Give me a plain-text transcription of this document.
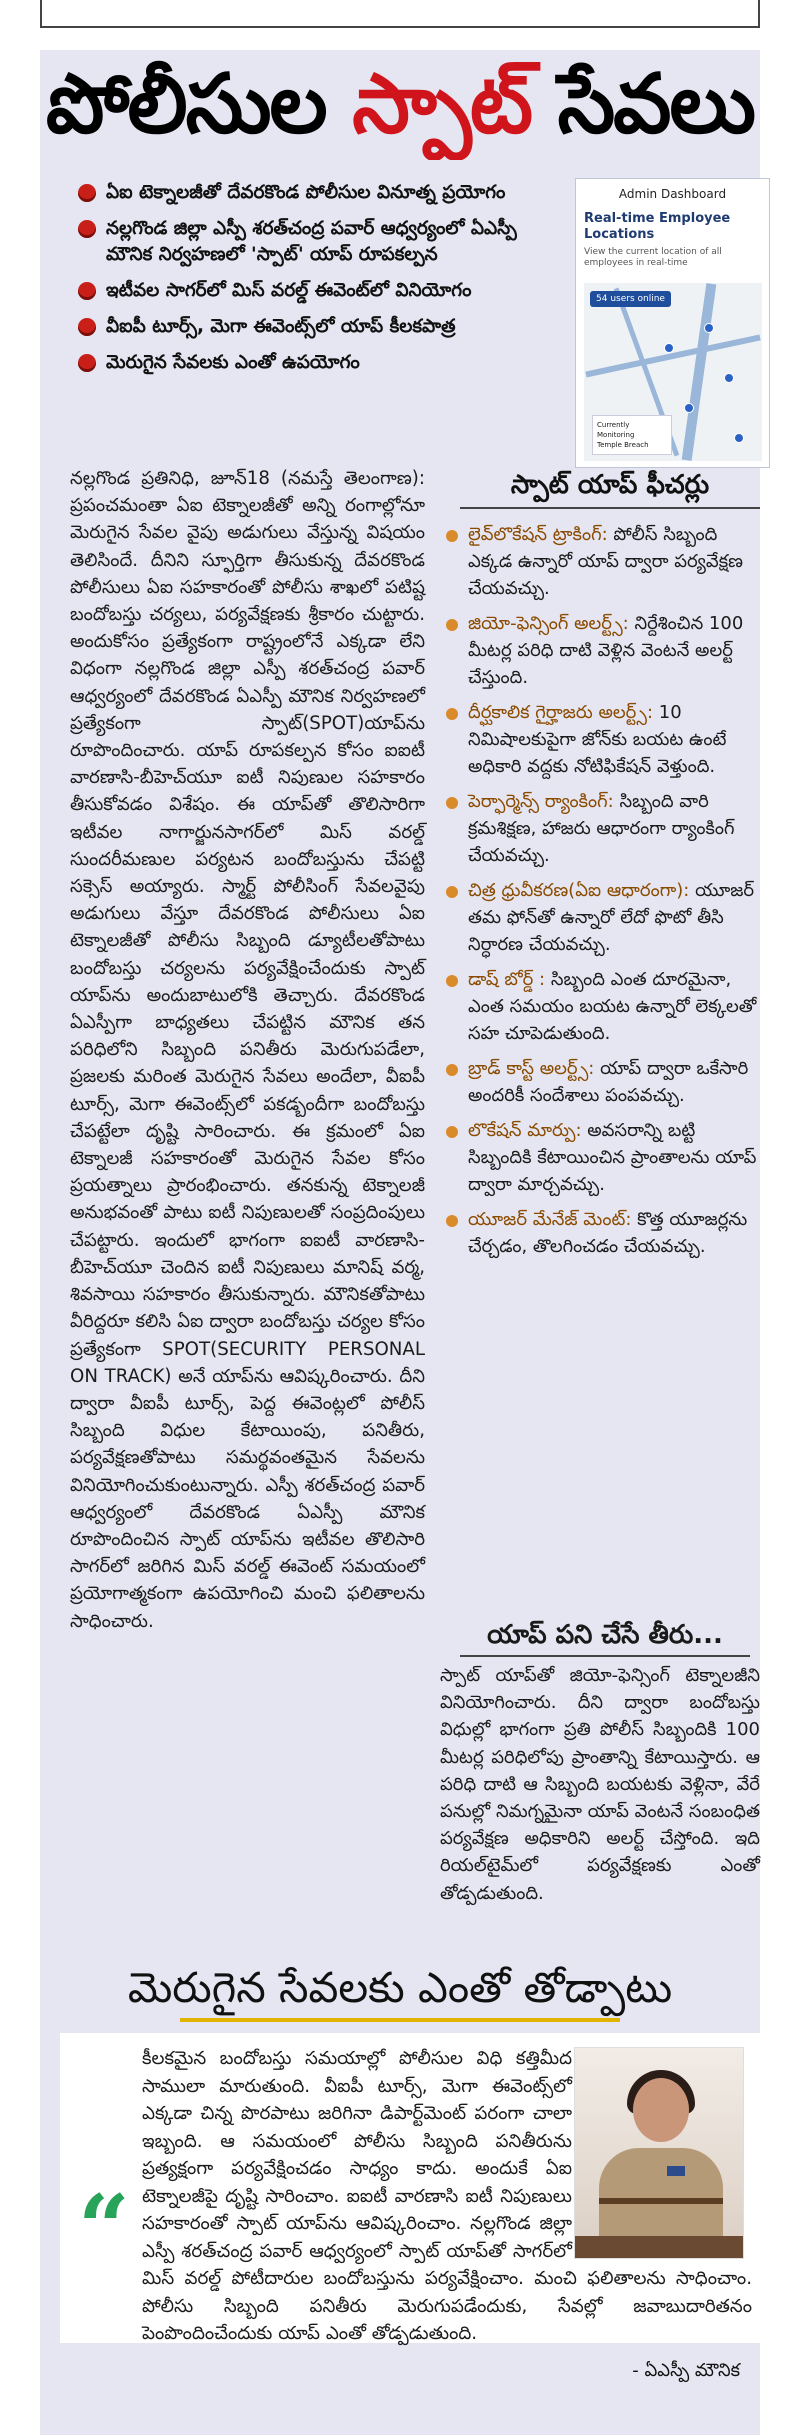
పోలీసుల స్పాట్ సేవలు
ఏఐ టెక్నాలజీతో దేవరకొండ పోలీసుల వినూత్న ప్రయోగం
నల్లగొండ జిల్లా ఎస్పీ శరత్‌చంద్ర పవార్ ఆధ్వర్యంలో ఏఎస్పీ మౌనిక నిర్వహణలో 'స్పాట్' యాప్ రూపకల్పన
ఇటీవల సాగర్‌లో మిస్ వరల్డ్ ఈవెంట్‌లో వినియోగం
వీఐపీ టూర్స్, మెగా ఈవెంట్స్‌లో యాప్ కీలకపాత్ర
మెరుగైన సేవలకు ఎంతో ఉపయోగం
Admin Dashboard
Real-time Employee Locations
View the current location of all employees in real-time
54 users online
Currently Monitoring
Temple Breach

నల్లగొండ ప్రతినిధి, జూన్18 (నమస్తే తెలంగాణ): ప్రపంచమంతా ఏఐ టెక్నాలజీతో అన్ని రంగాల్లోనూ మెరుగైన సేవల వైపు అడుగులు వేస్తున్న విషయం తెలిసిందే. దీనిని స్ఫూర్తిగా తీసుకున్న దేవరకొండ పోలీసులు ఏఐ సహకారంతో పోలీసు శాఖలో పటిష్ట బందోబస్తు చర్యలు, పర్యవేక్షణకు శ్రీకారం చుట్టారు. అందుకోసం ప్రత్యేకంగా రాష్ట్రంలోనే ఎక్కడా లేని విధంగా నల్లగొండ జిల్లా ఎస్పీ శరత్‌చంద్ర పవార్ ఆధ్వర్యంలో దేవరకొండ ఏఎస్పీ మౌనిక నిర్వహణలో ప్రత్యేకంగా స్పాట్(SPOT)యాప్‌ను రూపొందించారు. యాప్ రూపకల్పన కోసం ఐఐటీ వారణాసి-బీహెచ్‌యూ ఐటీ నిపుణుల సహకారం తీసుకోవడం విశేషం. ఈ యాప్‌తో తొలిసారిగా ఇటీవల నాగార్జునసాగర్‌లో మిస్ వరల్డ్ సుందరీమణుల పర్యటన బందోబస్తును చేపట్టి సక్సెస్ అయ్యారు. స్మార్ట్ పోలీసింగ్ సేవలవైపు అడుగులు వేస్తూ దేవరకొండ పోలీసులు ఏఐ టెక్నాలజీతో పోలీసు సిబ్బంది డ్యూటీలతోపాటు బందోబస్తు చర్యలను పర్యవేక్షించేందుకు స్పాట్ యాప్‌ను అందుబాటులోకి తెచ్చారు. దేవరకొండ ఏఎస్పీగా బాధ్యతలు చేపట్టిన మౌనిక తన పరిధిలోని సిబ్బంది పనితీరు మెరుగుపడేలా, ప్రజలకు మరింత మెరుగైన సేవలు అందేలా, వీఐపీ టూర్స్, మెగా ఈవెంట్స్‌లో పకడ్బందీగా బందోబస్తు చేపట్టేలా దృష్టి సారించారు. ఈ క్రమంలో ఏఐ టెక్నాలజీ సహకారంతో మెరుగైన సేవల కోసం ప్రయత్నాలు ప్రారంభించారు. తనకున్న టెక్నాలజీ అనుభవంతో పాటు ఐటీ నిపుణులతో సంప్రదింపులు చేపట్టారు. ఇందులో భాగంగా ఐఐటీ వారణాసి-బీహెచ్‌యూ చెందిన ఐటీ నిపుణులు మానిష్ వర్మ, శివసాయి సహకారం తీసుకున్నారు. మౌనికతోపాటు వీరిద్దరూ కలిసి ఏఐ ద్వారా బందోబస్తు చర్యల కోసం ప్రత్యేకంగా SPOT(SECURITY PERSONAL ON TRACK) అనే యాప్‌ను ఆవిష్కరించారు. దీని ద్వారా వీఐపీ టూర్స్, పెద్ద ఈవెంట్లలో పోలీస్ సిబ్బంది విధుల కేటాయింపు, పనితీరు, పర్యవేక్షణతోపాటు సమర్థవంతమైన సేవలను వినియోగించుకుంటున్నారు. ఎస్పీ శరత్‌చంద్ర పవార్ ఆధ్వర్యంలో దేవరకొండ ఏఎస్పీ మౌనిక రూపొందించిన స్పాట్ యాప్‌ను ఇటీవల తొలిసారి సాగర్‌లో జరిగిన మిస్ వరల్డ్ ఈవెంట్ సమయంలో ప్రయోగాత్మకంగా ఉపయోగించి మంచి ఫలితాలను సాధించారు.

స్పాట్ యాప్ ఫీచర్లు
లైవ్‌లొకేషన్ ట్రాకింగ్: పోలీస్ సిబ్బంది ఎక్కడ ఉన్నారో యాప్ ద్వారా పర్యవేక్షణ చేయవచ్చు.
జియో-ఫెన్సింగ్ అలర్ట్స్: నిర్దేశించిన 100 మీటర్ల పరిధి దాటి వెళ్లిన వెంటనే అలర్ట్ చేస్తుంది.
దీర్ఘకాలిక గైర్హాజరు అలర్ట్స్: 10 నిమిషాలకుపైగా జోన్‌కు బయట ఉంటే అధికారి వద్దకు నోటిఫికేషన్ వెళ్తుంది.
పెర్ఫార్మెన్స్ ర్యాంకింగ్: సిబ్బంది వారి క్రమశిక్షణ, హాజరు ఆధారంగా ర్యాంకింగ్ చేయవచ్చు.
చిత్ర ధ్రువీకరణ(ఏఐ ఆధారంగా): యూజర్ తమ ఫోన్‌తో ఉన్నారో లేదో ఫొటో తీసి నిర్ధారణ చేయవచ్చు.
డాష్ బోర్డ్ : సిబ్బంది ఎంత దూరమైనా, ఎంత సమయం బయట ఉన్నారో లెక్కలతో సహ చూపెడుతుంది.
బ్రాడ్ కాస్ట్ అలర్ట్స్: యాప్ ద్వారా ఒకేసారి అందరికీ సందేశాలు పంపవచ్చు.
లొకేషన్ మార్పు: అవసరాన్ని బట్టి సిబ్బందికి కేటాయించిన ప్రాంతాలను యాప్ ద్వారా మార్చవచ్చు.
యూజర్ మేనేజ్ మెంట్: కొత్త యూజర్లను చేర్చడం, తొలగించడం చేయవచ్చు.
యాప్ పని చేసే తీరు...
స్పాట్ యాప్‌తో జియో-ఫెన్సింగ్ టెక్నాలజీని వినియోగించారు. దీని ద్వారా బందోబస్తు విధుల్లో భాగంగా ప్రతి పోలీస్ సిబ్బందికి 100 మీటర్ల పరిధిలోపు ప్రాంతాన్ని కేటాయిస్తారు. ఆ పరిధి దాటి ఆ సిబ్బంది బయటకు వెళ్లినా, వేరే పనుల్లో నిమగ్నమైనా యాప్ వెంటనే సంబంధిత పర్యవేక్షణ అధికారిని అలర్ట్ చేస్తోంది. ఇది రియల్‌టైమ్‌లో పర్యవేక్షణకు ఎంతో తోడ్పడుతుంది.
మెరుగైన సేవలకు ఎంతో తోడ్పాటు
“
కీలకమైన బందోబస్తు సమయాల్లో పోలీసుల విధి కత్తిమీద సాములా మారుతుంది. వీఐపీ టూర్స్, మెగా ఈవెంట్స్‌లో ఎక్కడా చిన్న పొరపాటు జరిగినా డిపార్ట్‌మెంట్ పరంగా చాలా ఇబ్బంది. ఆ సమయంలో పోలీసు సిబ్బంది పనితీరును ప్రత్యక్షంగా పర్యవేక్షించడం సాధ్యం కాదు. అందుకే ఏఐ టెక్నాలజీపై దృష్టి సారించాం. ఐఐటీ వారణాసి ఐటీ నిపుణులు సహకారంతో స్పాట్ యాప్‌ను ఆవిష్కరించాం. నల్లగొండ జిల్లా ఎస్పీ శరత్‌చంద్ర పవార్ ఆధ్వర్యంలో స్పాట్ యాప్‌తో సాగర్‌లో మిస్ వరల్డ్ పోటీదారుల బందోబస్తును పర్యవేక్షించాం. మంచి ఫలితాలను సాధించాం. పోలీసు సిబ్బంది పనితీరు మెరుగుపడేందుకు, సేవల్లో జవాబుదారితనం పెంపొందించేందుకు యాప్ ఎంతో తోడ్పడుతుంది.
- ఏఎస్పీ మౌనిక
